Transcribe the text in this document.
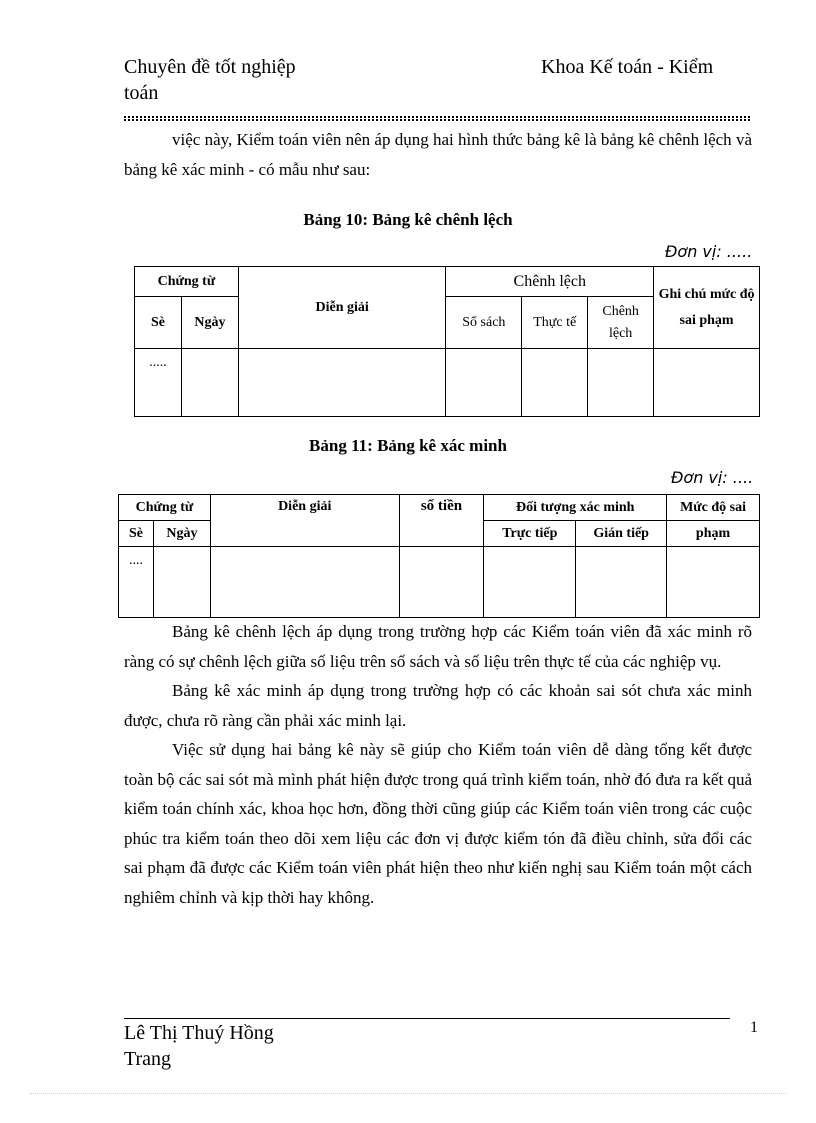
Chuyên đề tốt nghiệp
toán
Khoa Kế toán - Kiểm
việc này, Kiểm toán viên nên áp dụng hai hình thức bảng kê là bảng kê chênh lệch và bảng kê xác minh - có mẫu như sau:
Bảng 10: Bảng kê chênh lệch
Đơn vị: .....
Chứng từ		Diễn giải	Chênh lệch			Ghi chú mức độ sai phạm
Sè	Ngày		Sổ sách	Thực tế	Chênh lệch	
.....						
Bảng 11: Bảng kê xác minh
Đơn vị: ....
Chứng từ		Diễn giải	số tiền	Đối tượng xác minh		Mức độ sai
Sè	Ngày			Trực tiếp	Gián tiếp	phạm
....						
Bảng kê chênh lệch áp dụng trong trường hợp các Kiểm toán viên đã xác minh rõ ràng có sự chênh lệch giữa số liệu trên sổ sách và số liệu trên thực tế của các nghiệp vụ.
Bảng kê xác minh áp dụng trong trường hợp có các khoản sai sót chưa xác minh được, chưa rõ ràng cần phải xác minh lại.
Việc sử dụng hai bảng kê này sẽ giúp cho Kiểm toán viên dễ dàng tổng kết được toàn bộ các sai sót mà mình phát hiện được trong quá trình kiểm toán, nhờ đó đưa ra kết quả kiểm toán chính xác, khoa học hơn, đồng thời cũng giúp các Kiểm toán viên trong các cuộc phúc tra kiểm toán theo dõi xem liệu các đơn vị được kiểm tón đã điều chỉnh, sửa đổi các sai phạm đã được các Kiểm toán viên phát hiện theo như kiến nghị sau Kiểm toán một cách nghiêm chỉnh và kịp thời hay không.
Lê Thị Thuý Hồng
Trang
1
